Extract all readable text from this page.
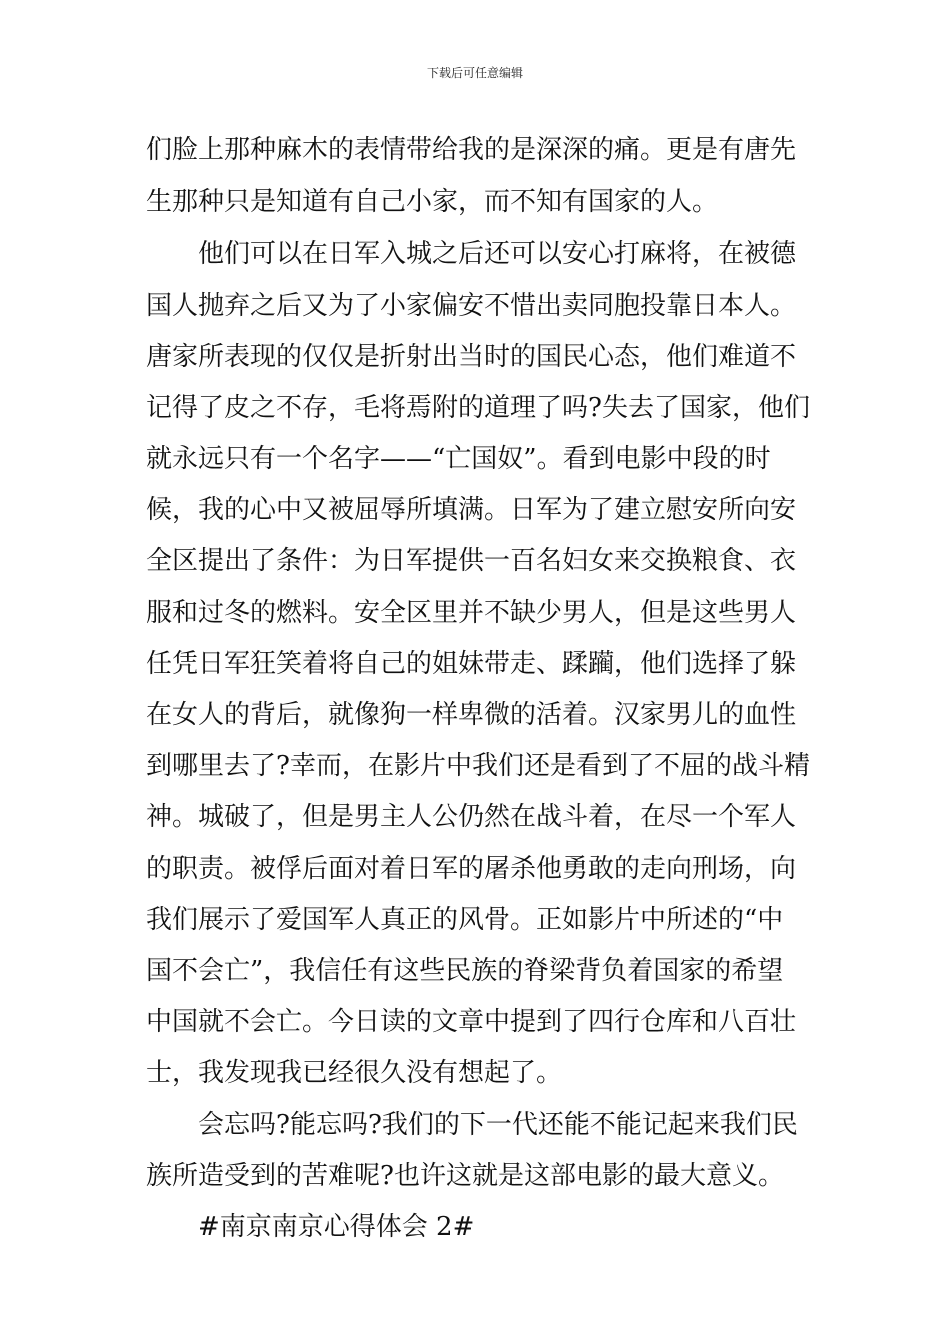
下载后可任意编辑
们脸上那种麻木的表情带给我的是深深的痛。更是有唐先
生那种只是知道有自己小家，而不知有国家的人。
他们可以在日军入城之后还可以安心打麻将，在被德
国人抛弃之后又为了小家偏安不惜出卖同胞投靠日本人。
唐家所表现的仅仅是折射出当时的国民心态，他们难道不
记得了皮之不存，毛将焉附的道理了吗?失去了国家，他们
就永远只有一个名字——“亡国奴”。看到电影中段的时
候，我的心中又被屈辱所填满。日军为了建立慰安所向安
全区提出了条件：为日军提供一百名妇女来交换粮食、衣
服和过冬的燃料。安全区里并不缺少男人，但是这些男人
任凭日军狂笑着将自己的姐妹带走、蹂躏，他们选择了躲
在女人的背后，就像狗一样卑微的活着。汉家男儿的血性
到哪里去了?幸而，在影片中我们还是看到了不屈的战斗精
神。城破了，但是男主人公仍然在战斗着，在尽一个军人
的职责。被俘后面对着日军的屠杀他勇敢的走向刑场，向
我们展示了爱国军人真正的风骨。正如影片中所述的“中
国不会亡”，我信任有这些民族的脊梁背负着国家的希望
中国就不会亡。今日读的文章中提到了四行仓库和八百壮
士，我发现我已经很久没有想起了。
会忘吗?能忘吗?我们的下一代还能不能记起来我们民
族所造受到的苦难呢?也许这就是这部电影的最大意义。
#南京南京心得体会 2#
